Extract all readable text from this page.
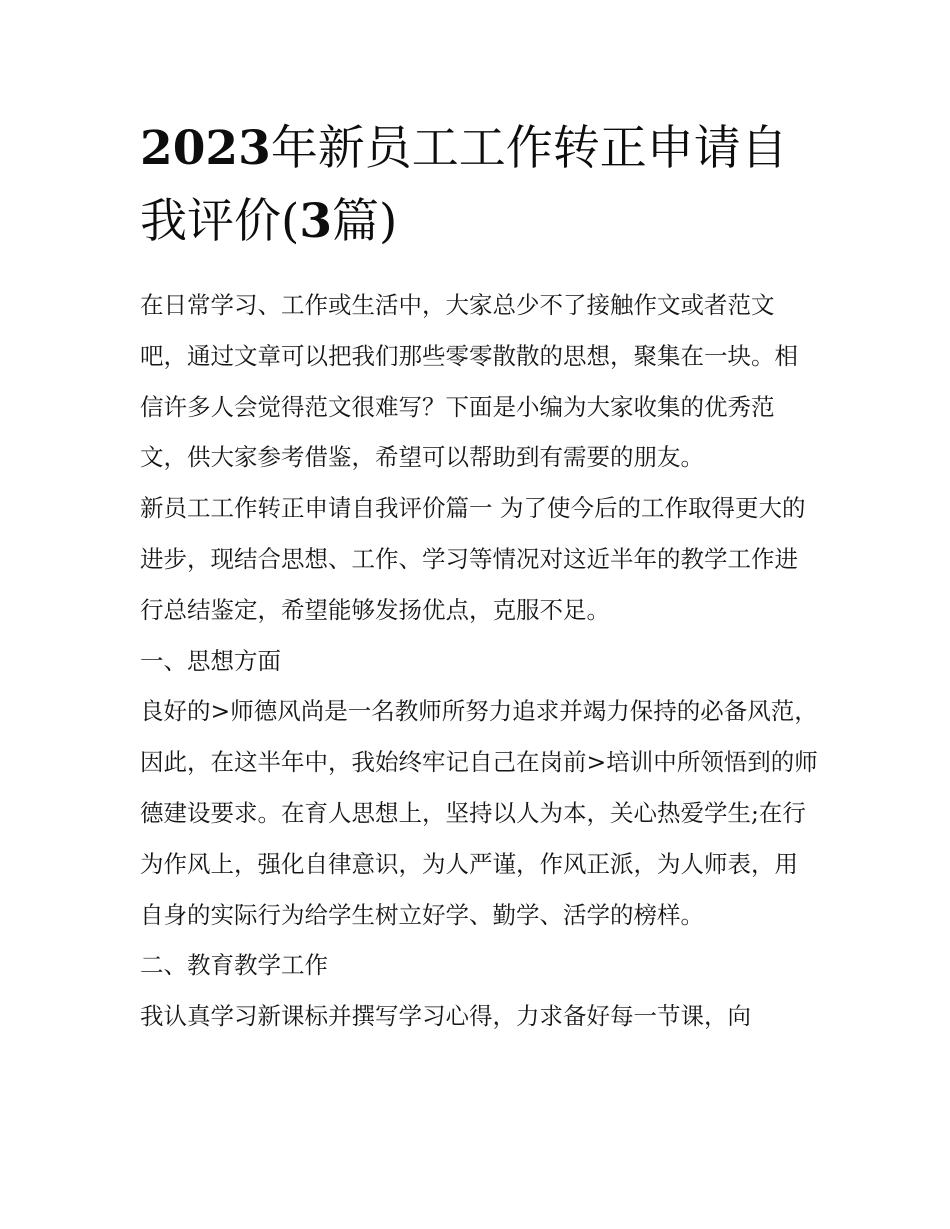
2023年新员工工作转正申请自我评价(3篇)

在日常学习、工作或生活中，大家总少不了接触作文或者范文吧，通过文章可以把我们那些零零散散的思想，聚集在一块。相信许多人会觉得范文很难写？下面是小编为大家收集的优秀范文，供大家参考借鉴，希望可以帮助到有需要的朋友。

新员工工作转正申请自我评价篇一 为了使今后的工作取得更大的进步，现结合思想、工作、学习等情况对这近半年的教学工作进行总结鉴定，希望能够发扬优点，克服不足。

一、思想方面

良好的>师德风尚是一名教师所努力追求并竭力保持的必备风范，因此，在这半年中，我始终牢记自己在岗前>培训中所领悟到的师德建设要求。在育人思想上，坚持以人为本，关心热爱学生;在行为作风上，强化自律意识，为人严谨，作风正派，为人师表，用自身的实际行为给学生树立好学、勤学、活学的榜样。

二、教育教学工作

我认真学习新课标并撰写学习心得，力求备好每一节课，向
